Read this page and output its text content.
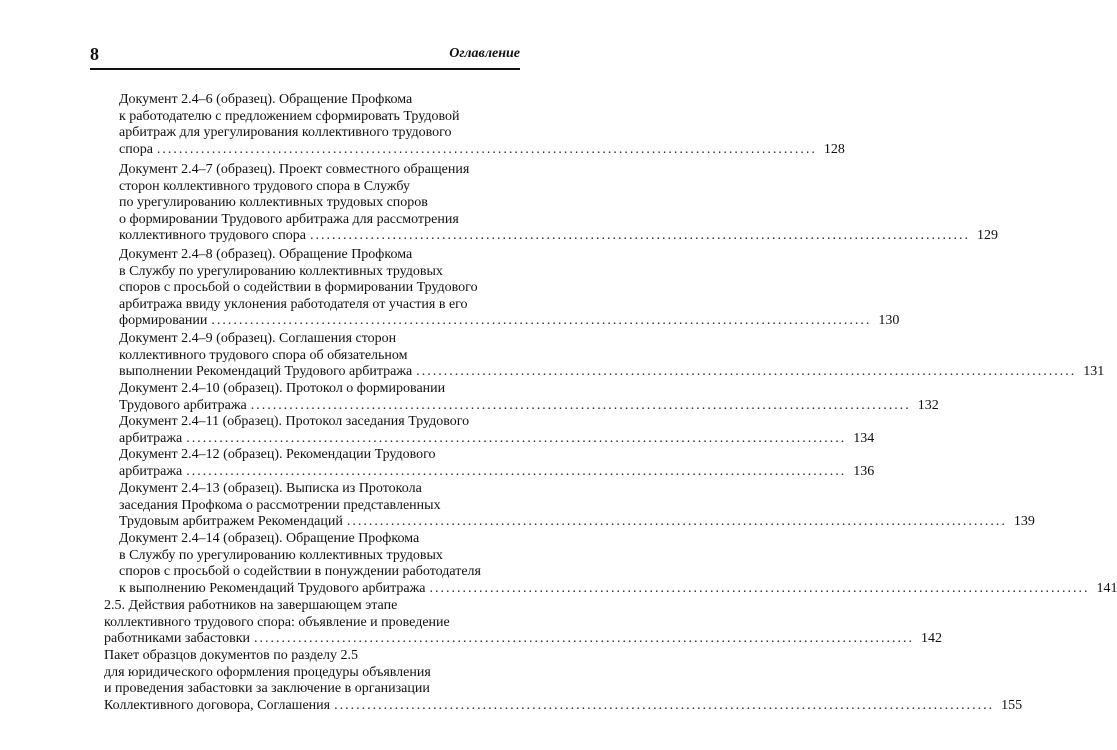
8	Оглавление
Документ 2.4–6 (образец). Обращение Профкома
к работодателю с предложением сформировать Трудовой
арбитраж для урегулирования коллективного трудового
спора ........................................................................................................................ 128
Документ 2.4–7 (образец). Проект совместного обращения
сторон коллективного трудового спора в Службу
по урегулированию коллективных трудовых споров
о формировании Трудового арбитража для рассмотрения
коллективного трудового спора ........................................................................................................................ 129
Документ 2.4–8 (образец). Обращение Профкома
в Службу по урегулированию коллективных трудовых
споров с просьбой о содействии в формировании Трудового
арбитража ввиду уклонения работодателя от участия в его
формировании ........................................................................................................................ 130
Документ 2.4–9 (образец). Соглашения сторон
коллективного трудового спора об обязательном
выполнении Рекомендаций Трудового арбитража ........................................................................................................................ 131
Документ 2.4–10 (образец). Протокол о формировании
Трудового арбитража ........................................................................................................................ 132
Документ 2.4–11 (образец). Протокол заседания Трудового
арбитража ........................................................................................................................ 134
Документ 2.4–12 (образец). Рекомендации Трудового
арбитража ........................................................................................................................ 136
Документ 2.4–13 (образец). Выписка из Протокола
заседания Профкома о рассмотрении представленных
Трудовым арбитражем Рекомендаций ........................................................................................................................ 139
Документ 2.4–14 (образец). Обращение Профкома
в Службу по урегулированию коллективных трудовых
споров с просьбой о содействии в понуждении работодателя
к выполнению Рекомендаций Трудового арбитража ........................................................................................................................ 141
2.5. Действия работников на завершающем этапе
коллективного трудового спора: объявление и проведение
работниками забастовки ........................................................................................................................ 142
Пакет образцов документов по разделу 2.5
для юридического оформления процедуры объявления
и проведения забастовки за заключение в организации
Коллективного договора, Соглашения ........................................................................................................................ 155
